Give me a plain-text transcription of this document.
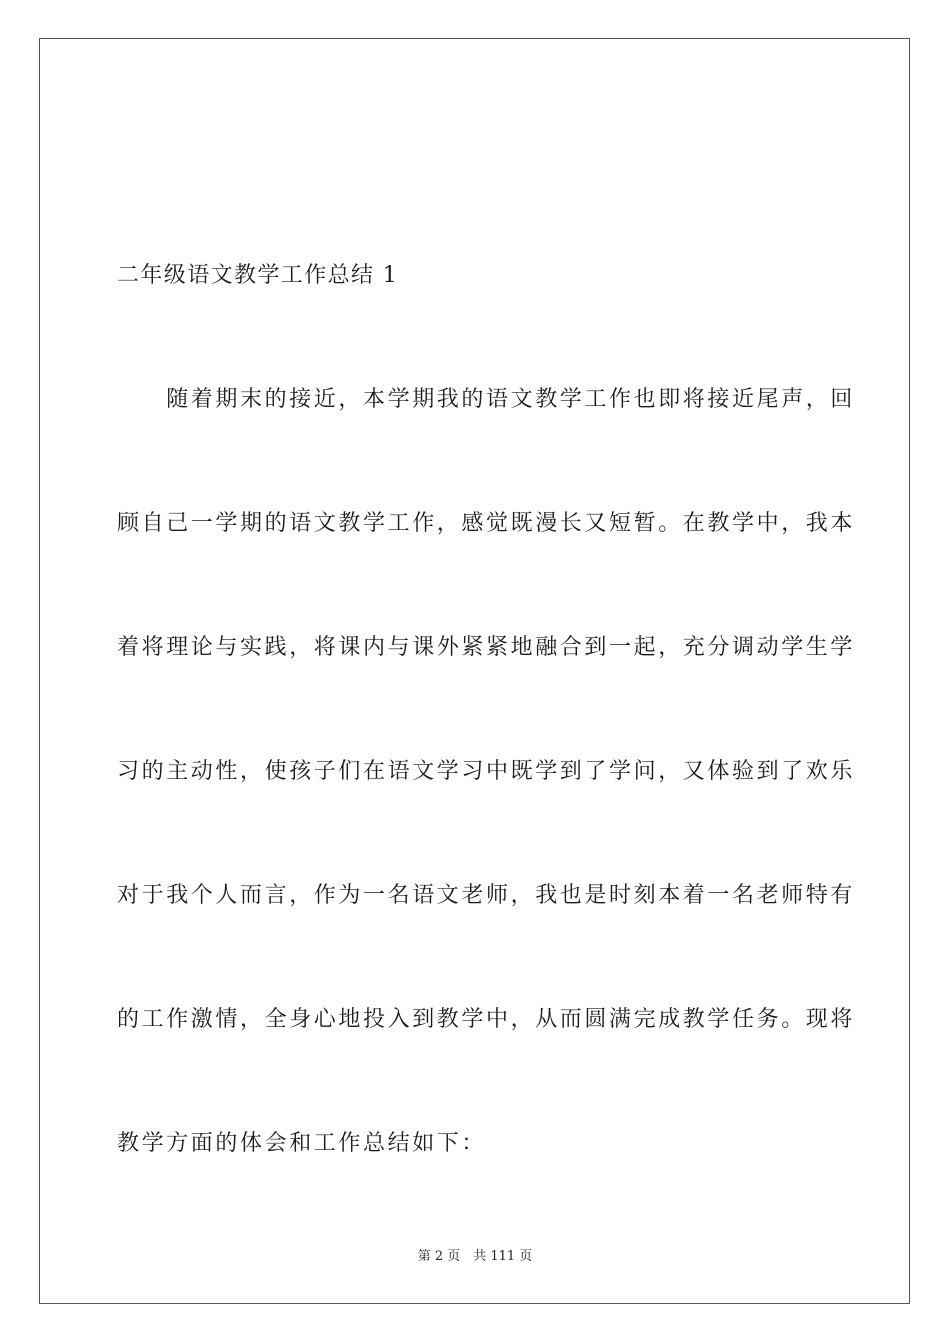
二年级语文教学工作总结 1

　　随着期末的接近，本学期我的语文教学工作也即将接近尾声，回

顾自己一学期的语文教学工作，感觉既漫长又短暂。在教学中，我本

着将理论与实践，将课内与课外紧紧地融合到一起，充分调动学生学

习的主动性，使孩子们在语文学习中既学到了学问，又体验到了欢乐

对于我个人而言，作为一名语文老师，我也是时刻本着一名老师特有

的工作激情，全身心地投入到教学中，从而圆满完成教学任务。现将

教学方面的体会和工作总结如下：

第 2 页　共 111 页
